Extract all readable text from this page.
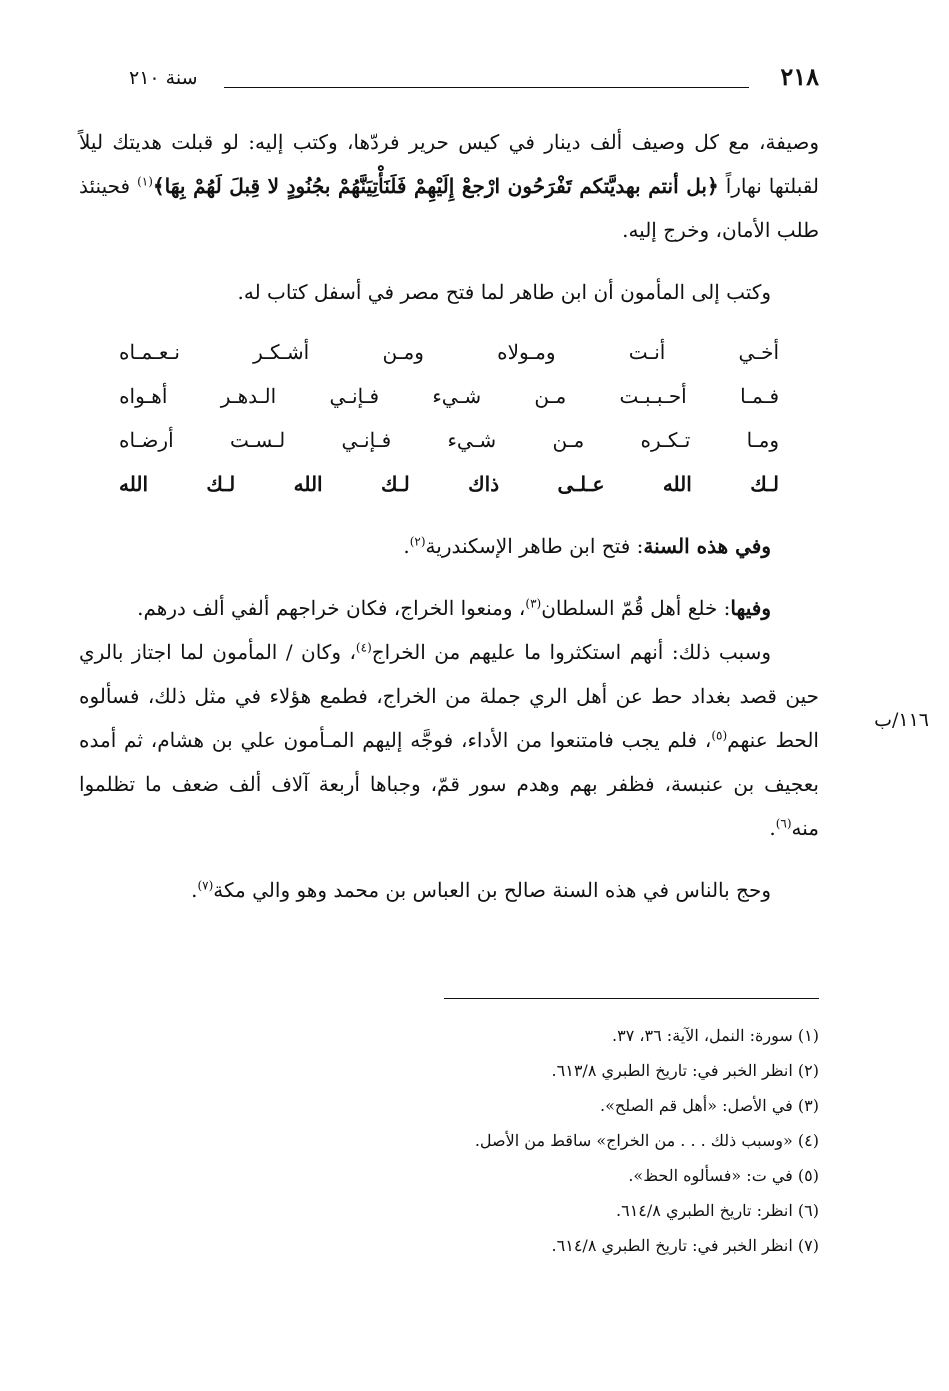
٢١٨
سنة ٢١٠

وصيفة، مع كل وصيف ألف دينار في كيس حرير فردّها، وكتب إليه: لو قبلت هديتك ليلاً لقبلتها نهاراً ﴿بل أنتم بهديَّتكم تَفْرَحُون ارْجعْ إِلَيْهِمْ فَلَنَأْتِيَنَّهُمْ بجُنُودٍ لا قِبلَ لَهُمْ بِهَا﴾$^{(١)}$ فحينئذ طلب الأمان، وخرج إليه.

وكتب إلى المأمون أن ابن طاهر لما فتح مصر في أسفل كتاب له.

أخـي
أنـت
ومـولاه
ومـن
أشـكـر
نـعـمـاه
فـمـا
أحـبـبـت
مـن
شـيء
فـإنـي
الـدهـر
أهـواه
ومـا
تـكـره
مـن
شـيء
فـإنـي
لـسـت
أرضـاه
لـك
الله
عـلـى
ذاك
لـك
الله
لـك
الله

وفي هذه السنة: فتح ابن طاهر الإسكندرية$^{(٢)}$.

وفيها: خلع أهل قُمّ السلطان$^{(٣)}$، ومنعوا الخراج، فكان خراجهم ألفي ألف درهم.

وسبب ذلك: أنهم استكثروا ما عليهم من الخراج$^{(٤)}$، وكان / المأمون لما اجتاز بالري حين قصد بغداد حط عن أهل الري جملة من الخراج، فطمع هؤلاء في مثل ذلك، فسألوه الحط عنهم$^{(٥)}$، فلم يجب فامتنعوا من الأداء، فوجَّه إليهم المـأمون علي بن هشام، ثم أمده بعجيف بن عنبسة، فظفر بهم وهدم سور قمّ، وجباها أربعة آلاف ألف ضعف ما تظلموا منه$^{(٦)}$.

وحج بالناس في هذه السنة صالح بن العباس بن محمد وهو والي مكة$^{(٧)}$.

١١٦/ب
(١) سورة: النمل، الآية: ٣٦، ٣٧.
(٢) انظر الخبر في: تاريخ الطبري ٦١٣/٨.
(٣) في الأصل: «أهل قم الصلح».
(٤) «وسبب ذلك . . . من الخراج» ساقط من الأصل.
(٥) في ت: «فسألوه الحظ».
(٦) انظر: تاريخ الطبري ٦١٤/٨.
(٧) انظر الخبر في: تاريخ الطبري ٦١٤/٨.
